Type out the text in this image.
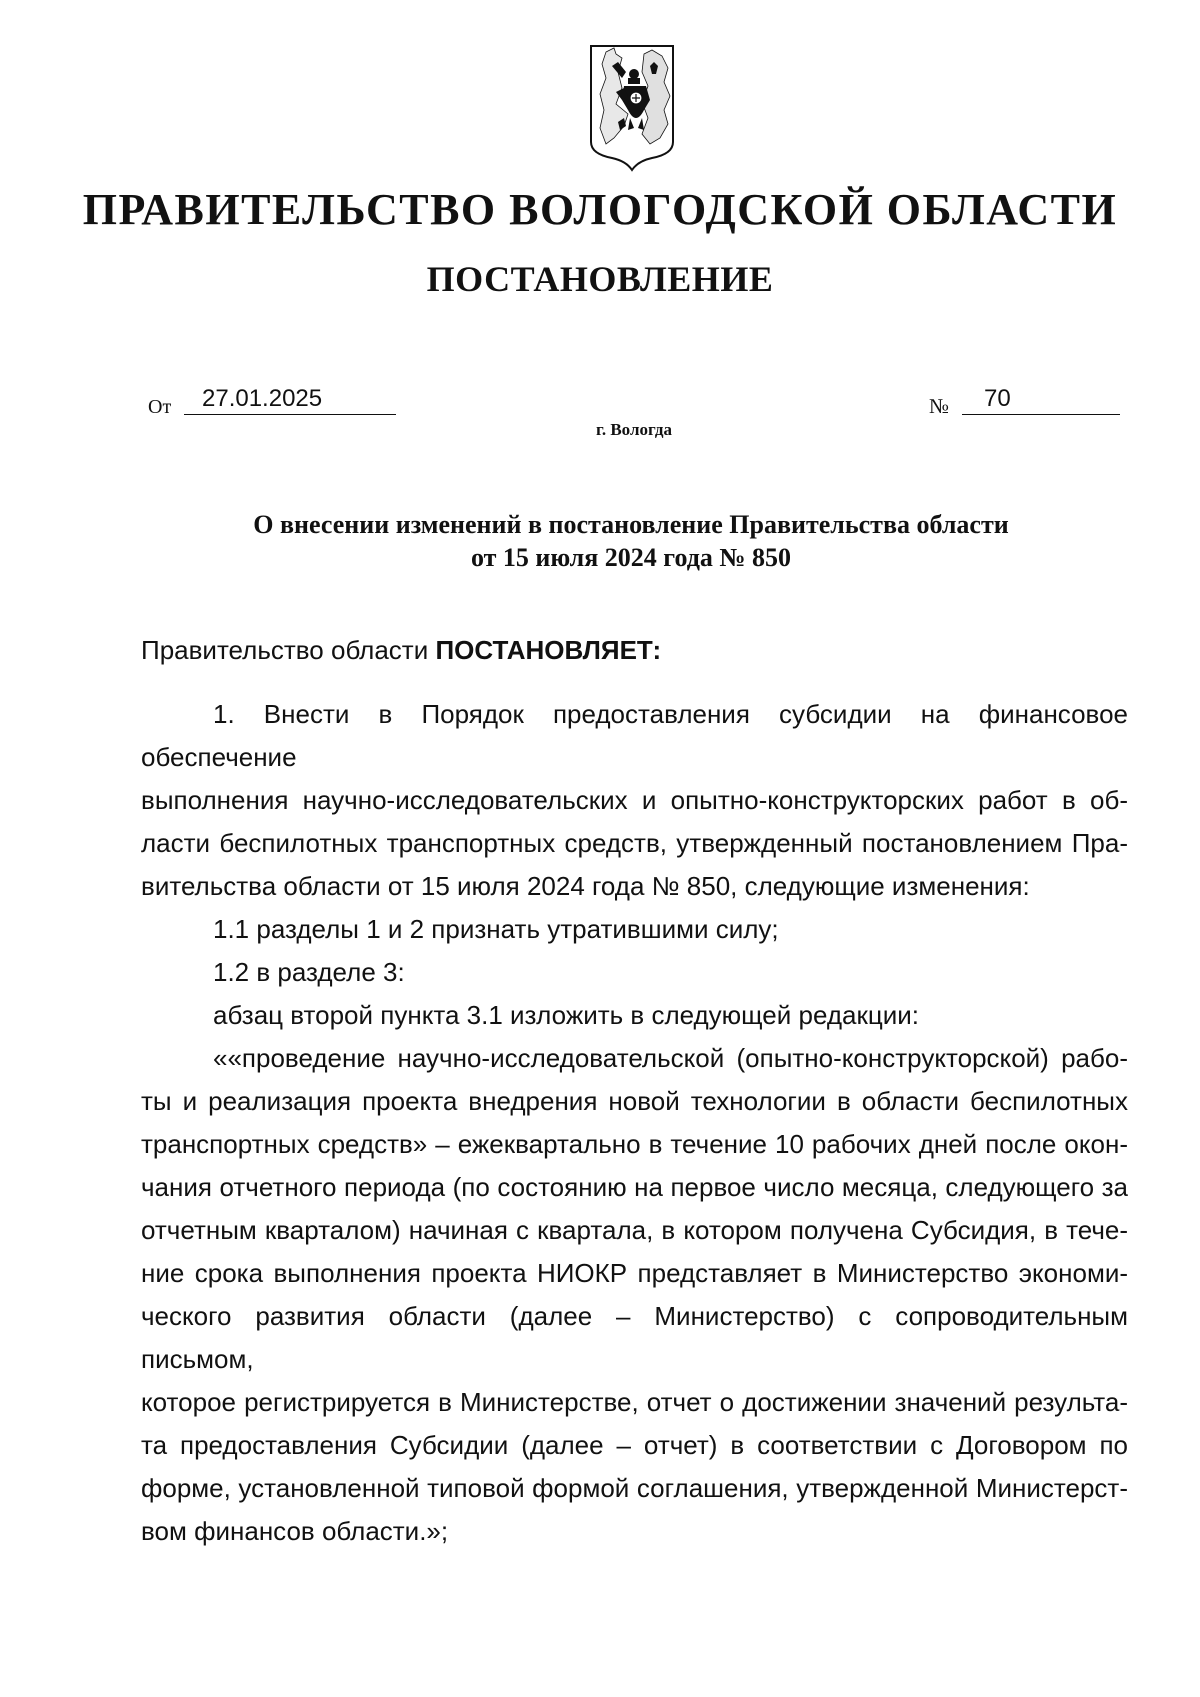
ПРАВИТЕЛЬСТВО ВОЛОГОДСКОЙ ОБЛАСТИ
ПОСТАНОВЛЕНИЕ
От	27.01.2025	№	70
г. Вологда
О внесении изменений в постановление Правительства области
от 15 июля 2024 года № 850
Правительство области ПОСТАНОВЛЯЕТ:

1. Внести в Порядок предоставления субсидии на финансовое обеспечение

выполнения научно-исследовательских и опытно-конструкторских работ в об-

ласти беспилотных транспортных средств, утвержденный постановлением Пра-

вительства области от 15 июля 2024 года № 850, следующие изменения:

1.1 разделы 1 и 2 признать утратившими силу;

1.2 в разделе 3:

абзац второй пункта 3.1 изложить в следующей редакции:

««проведение научно-исследовательской (опытно-конструкторской) рабо-

ты и реализация проекта внедрения новой технологии в области беспилотных

транспортных средств» – ежеквартально в течение 10 рабочих дней после окон-

чания отчетного периода (по состоянию на первое число месяца, следующего за

отчетным кварталом) начиная с квартала, в котором получена Субсидия, в тече-

ние срока выполнения проекта НИОКР представляет в Министерство экономи-

ческого развития области (далее – Министерство) с сопроводительным письмом,

которое регистрируется в Министерстве, отчет о достижении значений результа-

та предоставления Субсидии (далее – отчет) в соответствии с Договором по

форме, установленной типовой формой соглашения, утвержденной Министерст-

вом финансов области.»;
